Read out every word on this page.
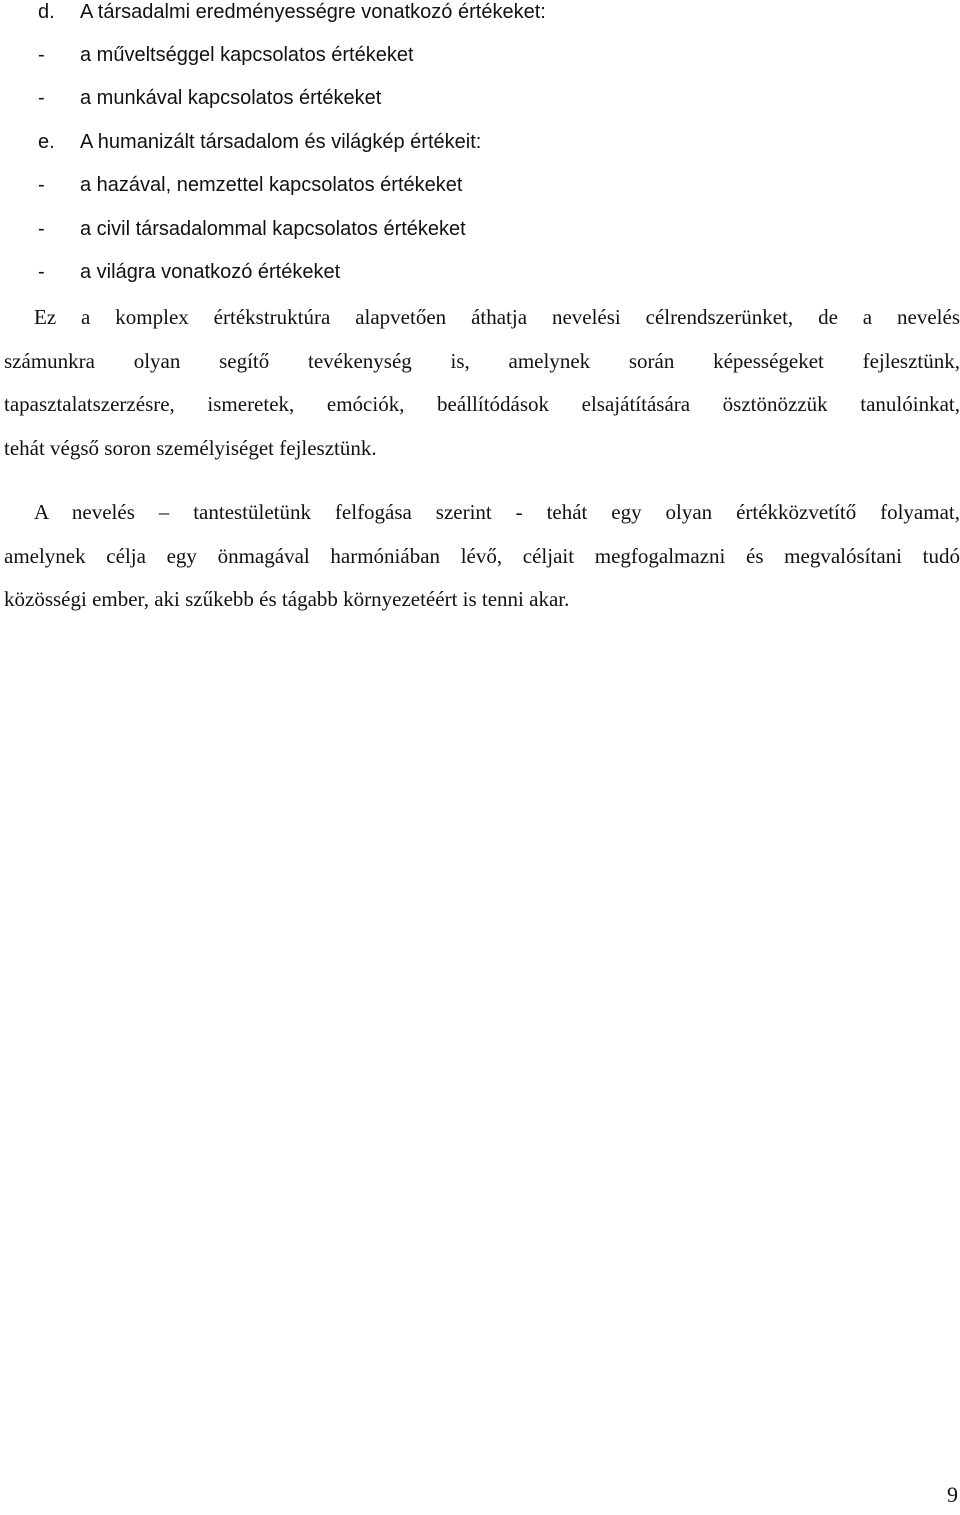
d. A társadalmi eredményességre vonatkozó értékeket:
- a műveltséggel kapcsolatos értékeket
- a munkával kapcsolatos értékeket
e. A humanizált társadalom és világkép értékeit:
- a hazával, nemzettel kapcsolatos értékeket
- a civil társadalommal kapcsolatos értékeket
- a világra vonatkozó értékeket
Ez a komplex értékstruktúra alapvetően áthatja nevelési célrendszerünket, de a nevelés
számunkra olyan segítő tevékenység is, amelynek során képességeket fejlesztünk,
tapasztalatszerzésre, ismeretek, emóciók, beállítódások elsajátítására ösztönözzük tanulóinkat,
tehát végső soron személyiséget fejlesztünk.
A nevelés – tantestületünk felfogása szerint - tehát egy olyan értékközvetítő folyamat,
amelynek célja egy önmagával harmóniában lévő, céljait megfogalmazni és megvalósítani tudó
közösségi ember, aki szűkebb és tágabb környezetéért is tenni akar.
9
